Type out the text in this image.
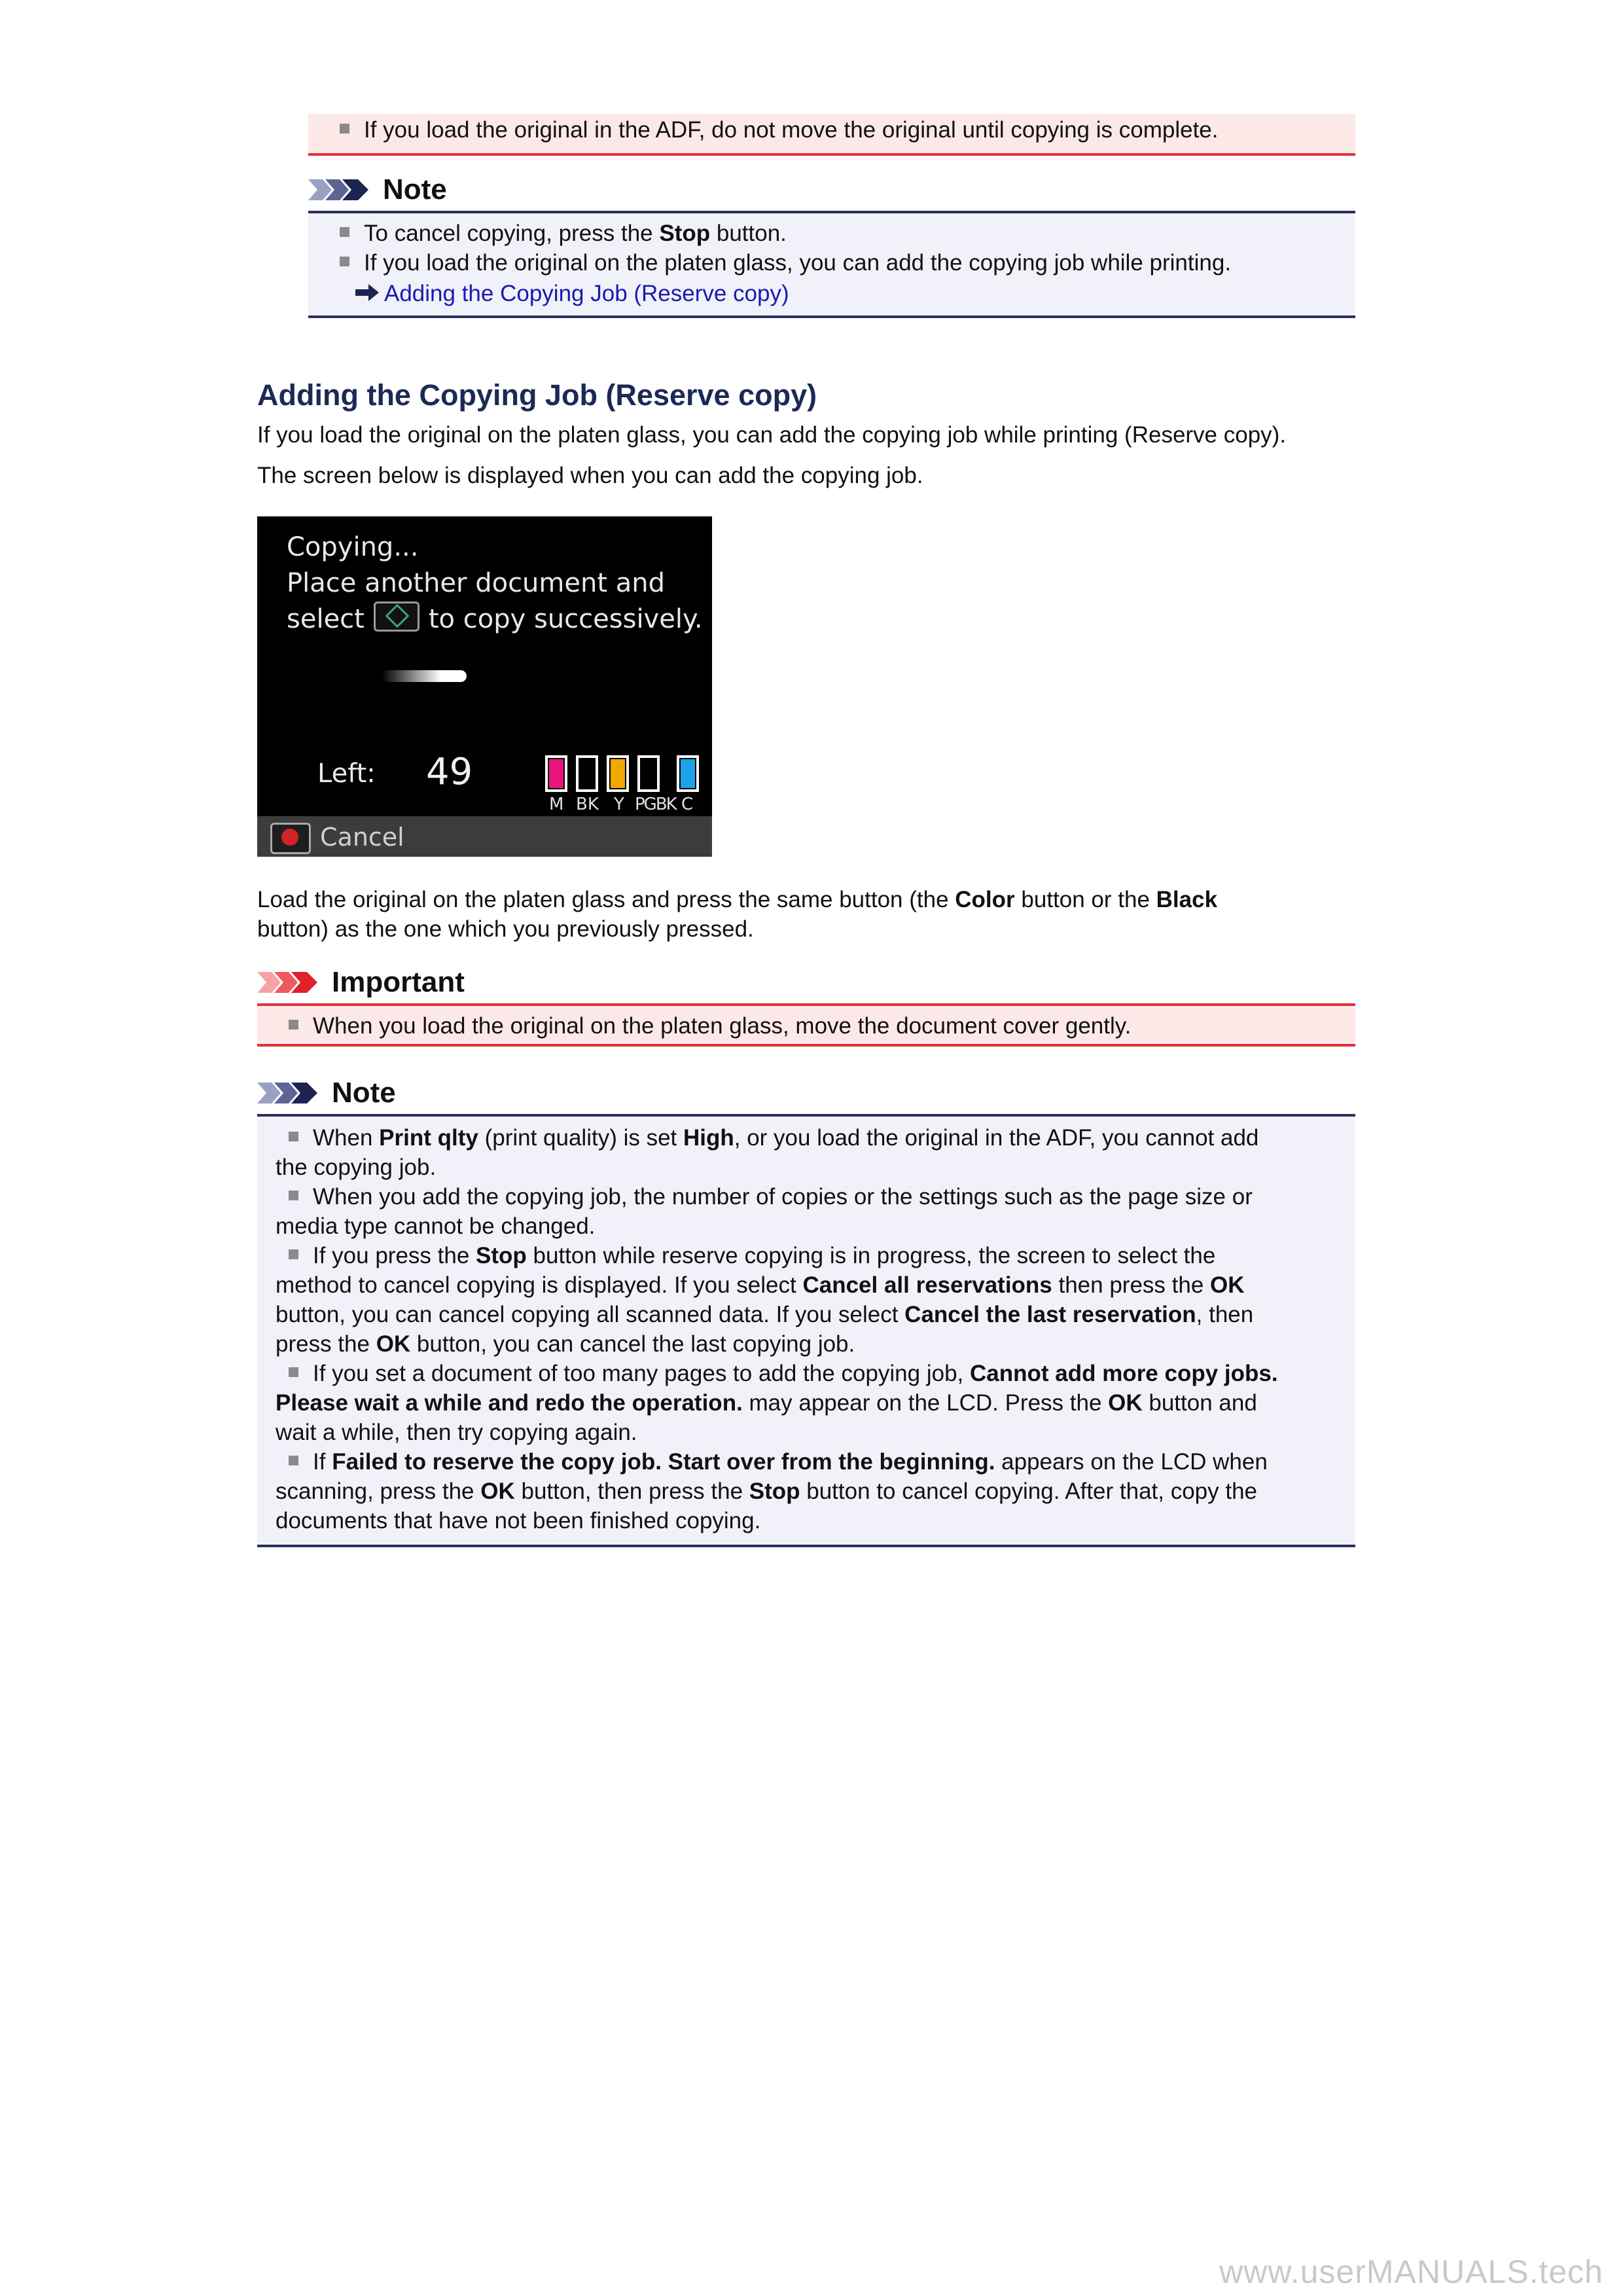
If you load the original in the ADF, do not move the original until copying is complete.
Note
To cancel copying, press the Stop button.
If you load the original on the platen glass, you can add the copying job while printing.
Adding the Copying Job (Reserve copy)
Adding the Copying Job (Reserve copy)
If you load the original on the platen glass, you can add the copying job while printing (Reserve copy).
The screen below is displayed when you can add the copying job.
Copying...
Place another document and
select to copy successively.
Left: 49
M BK Y PGBK C
Cancel
Load the original on the platen glass and press the same button (the Color button or the Black
button) as the one which you previously pressed.
Important
When you load the original on the platen glass, move the document cover gently.
Note
When Print qlty (print quality) is set High, or you load the original in the ADF, you cannot add
the copying job.
When you add the copying job, the number of copies or the settings such as the page size or
media type cannot be changed.
If you press the Stop button while reserve copying is in progress, the screen to select the
method to cancel copying is displayed. If you select Cancel all reservations then press the OK
button, you can cancel copying all scanned data. If you select Cancel the last reservation, then
press the OK button, you can cancel the last copying job.
If you set a document of too many pages to add the copying job, Cannot add more copy jobs.
Please wait a while and redo the operation. may appear on the LCD. Press the OK button and
wait a while, then try copying again.
If Failed to reserve the copy job. Start over from the beginning. appears on the LCD when
scanning, press the OK button, then press the Stop button to cancel copying. After that, copy the
documents that have not been finished copying.
www.userMANUALS.tech
